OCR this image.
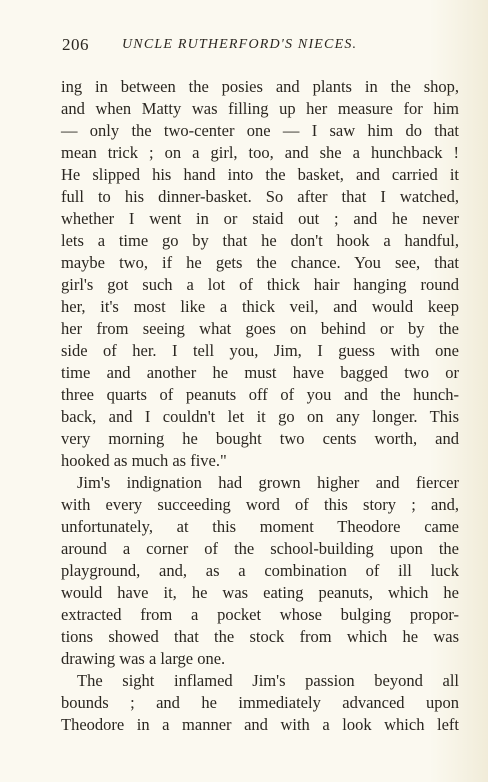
206 UNCLE RUTHERFORD'S NIECES.
ing in between the posies and plants in the shop,
and when Matty was filling up her measure for him
— only the two-center one — I saw him do that
mean trick ; on a girl, too, and she a hunchback !
He slipped his hand into the basket, and carried it
full to his dinner-basket. So after that I watched,
whether I went in or staid out ; and he never
lets a time go by that he don't hook a handful,
maybe two, if he gets the chance. You see, that
girl's got such a lot of thick hair hanging round
her, it's most like a thick veil, and would keep
her from seeing what goes on behind or by the
side of her. I tell you, Jim, I guess with one
time and another he must have bagged two or
three quarts of peanuts off of you and the hunch-
back, and I couldn't let it go on any longer. This
very morning he bought two cents worth, and
hooked as much as five."
Jim's indignation had grown higher and fiercer
with every succeeding word of this story ; and,
unfortunately, at this moment Theodore came
around a corner of the school-building upon the
playground, and, as a combination of ill luck
would have it, he was eating peanuts, which he
extracted from a pocket whose bulging propor-
tions showed that the stock from which he was
drawing was a large one.
The sight inflamed Jim's passion beyond all
bounds ; and he immediately advanced upon
Theodore in a manner and with a look which left
